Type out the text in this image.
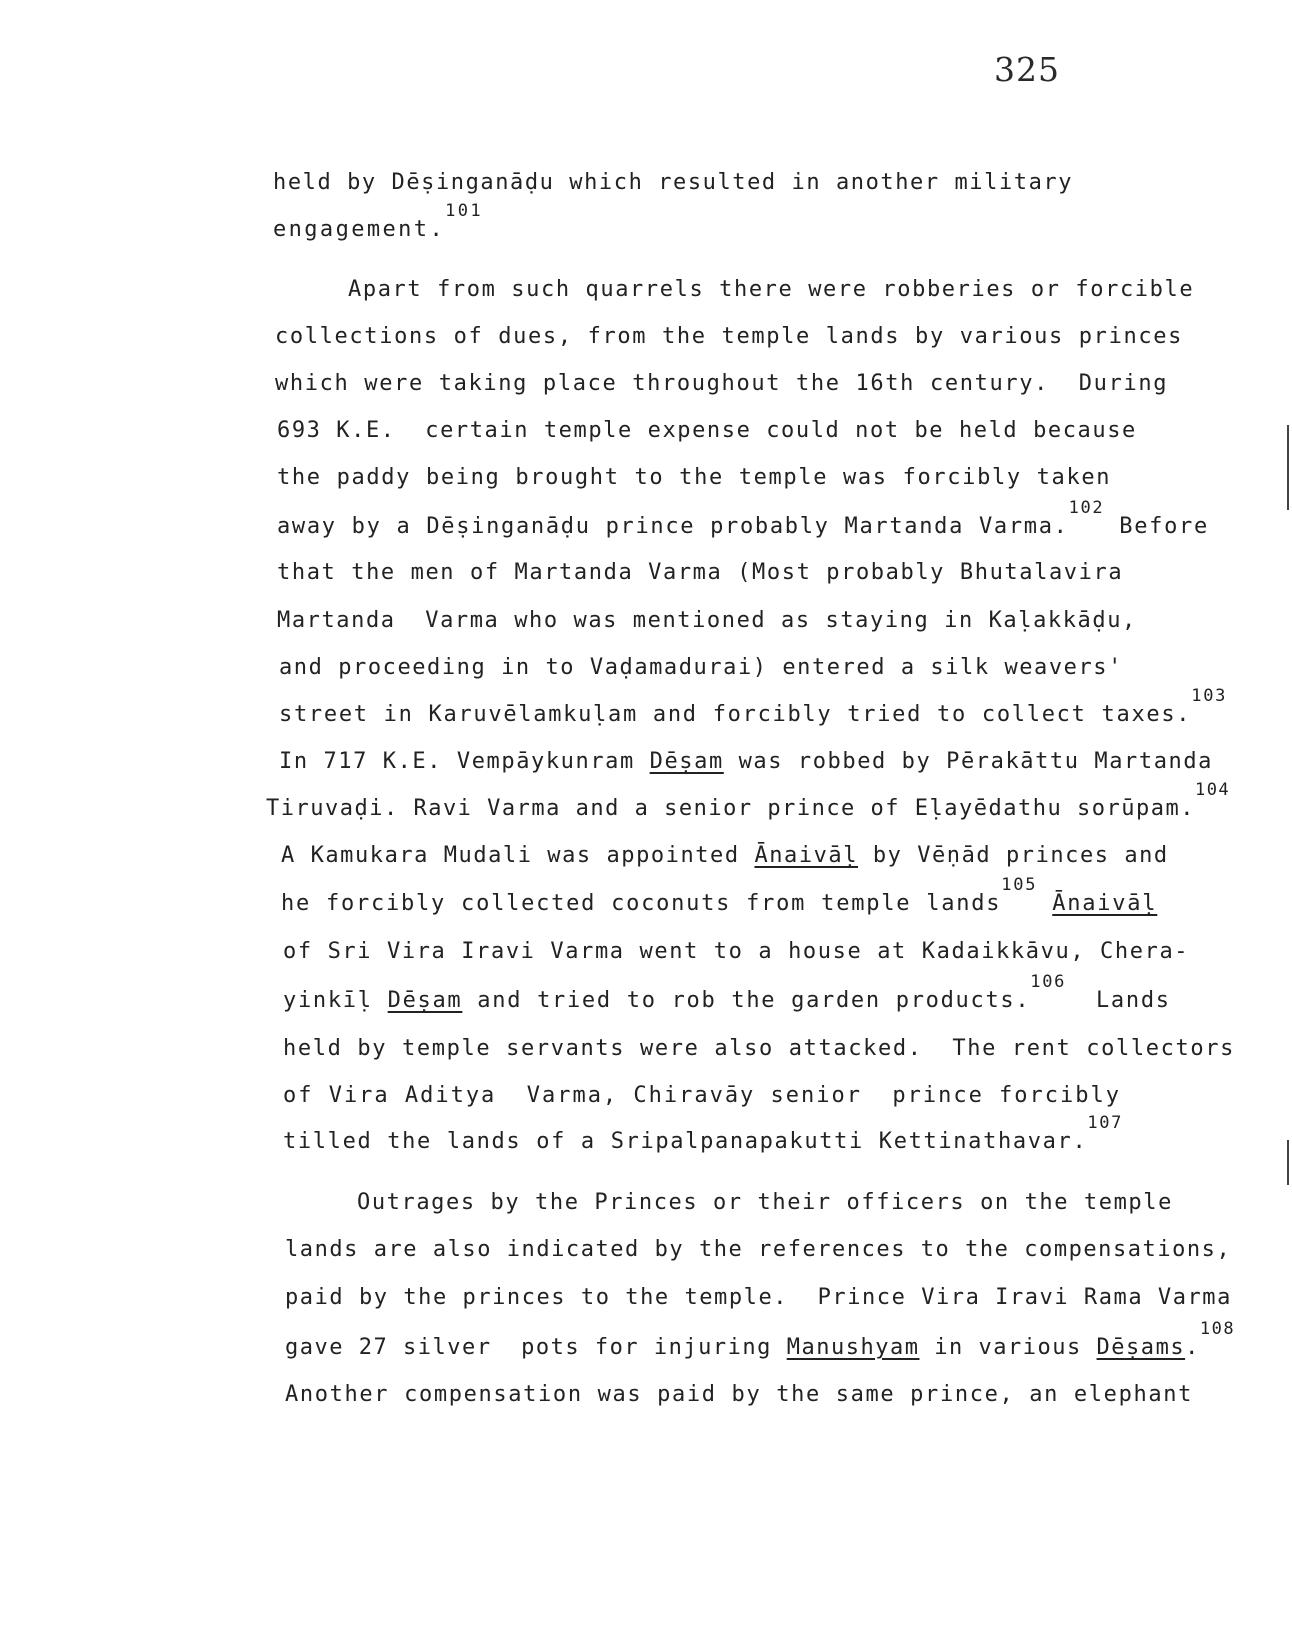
325
held by Dēṣinganāḍu which resulted in another military
engagement.$^{101}$
Apart from such quarrels there were robberies or forcible
collections of dues, from the temple lands by various princes
which were taking place throughout the 16th century.  During
693 K.E.  certain temple expense could not be held because
the paddy being brought to the temple was forcibly taken
away by a Dēṣinganāḍu prince probably Martanda Varma.$^{102}$ Before
that the men of Martanda Varma (Most probably Bhutalavira
Martanda  Varma who was mentioned as staying in Kaḷakkāḍu,
and proceeding in to Vaḍamadurai) entered a silk weavers'
street in Karuvēlamkuḷam and forcibly tried to collect taxes.$^{103}$
In 717 K.E. Vempāykunram Dēṣam was robbed by Pērakāttu Martanda
Tiruvaḍi. Ravi Varma and a senior prince of Eḷayēdathu sorūpam.$^{104}$
A Kamukara Mudali was appointed Ānaivāḷ by Vēṇād princes and
he forcibly collected coconuts from temple lands$^{105}$ Ānaivāḷ
of Sri Vira Iravi Varma went to a house at Kadaikkāvu, Chera-
yinkīḷ Dēṣam and tried to rob the garden products.$^{106}$  Lands
held by temple servants were also attacked.  The rent collectors
of Vira Aditya  Varma, Chiravāy senior  prince forcibly
tilled the lands of a Sripalpanapakutti Kettinathavar.$^{107}$
Outrages by the Princes or their officers on the temple
lands are also indicated by the references to the compensations,
paid by the princes to the temple.  Prince Vira Iravi Rama Varma
gave 27 silver  pots for injuring Manushyam in various Dēṣams.$^{108}$
Another compensation was paid by the same prince, an elephant
